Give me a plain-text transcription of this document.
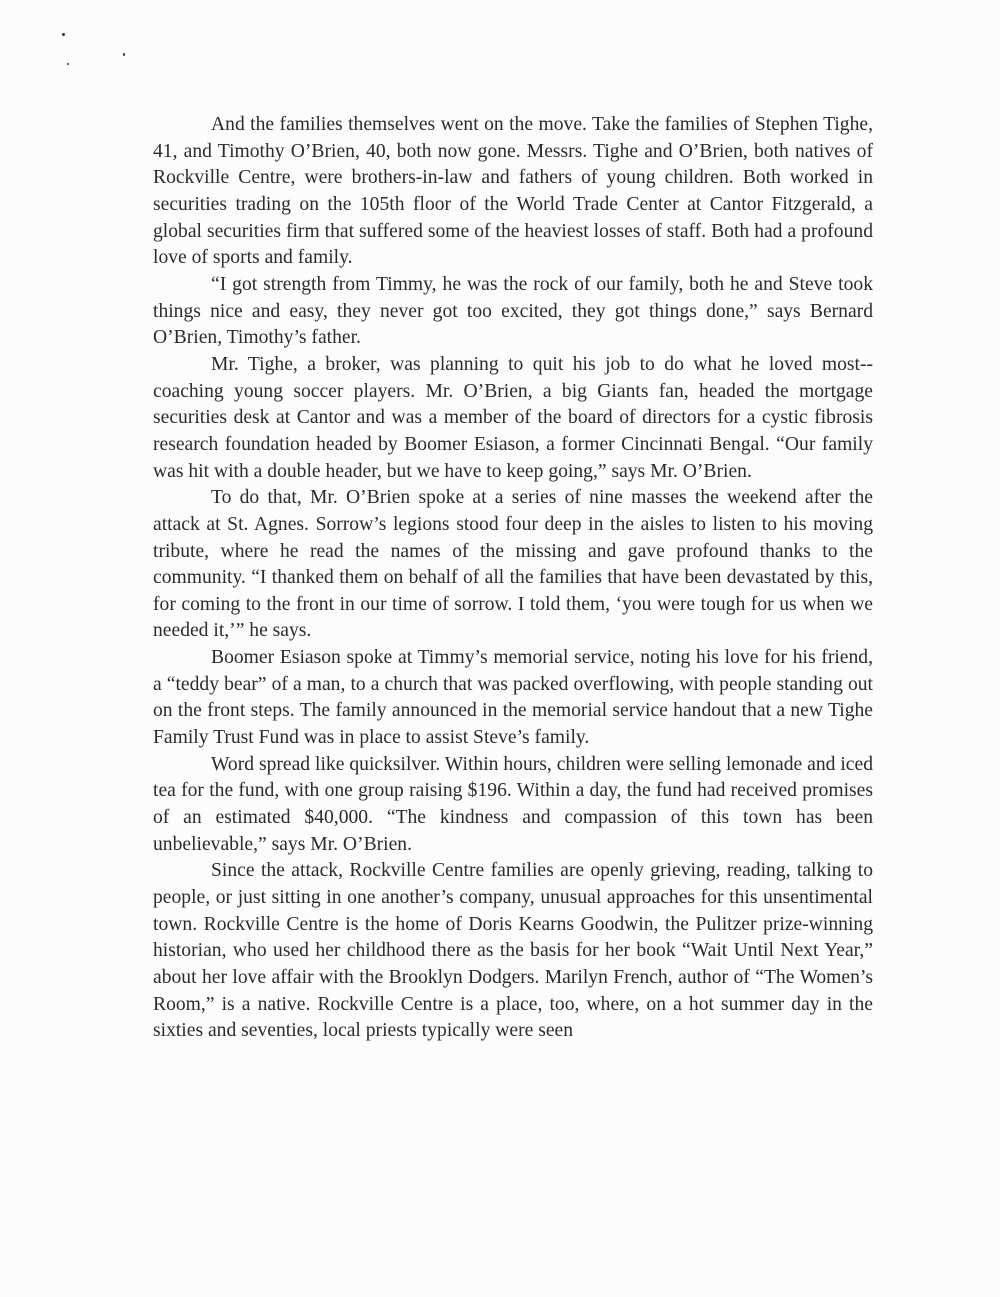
And the families themselves went on the move. Take the families of Stephen Tighe, 41, and Timothy O’Brien, 40, both now gone. Messrs. Tighe and O’Brien, both natives of Rockville Centre, were brothers-in-law and fathers of young children. Both worked in securities trading on the 105th floor of the World Trade Center at Cantor Fitzgerald, a global securities firm that suffered some of the heaviest losses of staff. Both had a profound love of sports and family.

“I got strength from Timmy, he was the rock of our family, both he and Steve took things nice and easy, they never got too excited, they got things done,” says Bernard O’Brien, Timothy’s father.

Mr. Tighe, a broker, was planning to quit his job to do what he loved most--coaching young soccer players. Mr. O’Brien, a big Giants fan, headed the mortgage securities desk at Cantor and was a member of the board of directors for a cystic fibrosis research foundation headed by Boomer Esiason, a former Cincinnati Bengal. “Our family was hit with a double header, but we have to keep going,” says Mr. O’Brien.

To do that, Mr. O’Brien spoke at a series of nine masses the weekend after the attack at St. Agnes. Sorrow’s legions stood four deep in the aisles to listen to his moving tribute, where he read the names of the missing and gave profound thanks to the community. “I thanked them on behalf of all the families that have been devastated by this, for coming to the front in our time of sorrow. I told them, ‘you were tough for us when we needed it,’” he says.

Boomer Esiason spoke at Timmy’s memorial service, noting his love for his friend, a “teddy bear” of a man, to a church that was packed overflowing, with people standing out on the front steps. The family announced in the memorial service handout that a new Tighe Family Trust Fund was in place to assist Steve’s family.

Word spread like quicksilver. Within hours, children were selling lemonade and iced tea for the fund, with one group raising $196. Within a day, the fund had received promises of an estimated $40,000. “The kindness and compassion of this town has been unbelievable,” says Mr. O’Brien.

Since the attack, Rockville Centre families are openly grieving, reading, talking to people, or just sitting in one another’s company, unusual approaches for this unsentimental town. Rockville Centre is the home of Doris Kearns Goodwin, the Pulitzer prize-winning historian, who used her childhood there as the basis for her book “Wait Until Next Year,” about her love affair with the Brooklyn Dodgers. Marilyn French, author of “The Women’s Room,” is a native. Rockville Centre is a place, too, where, on a hot summer day in the sixties and seventies, local priests typically were seen
